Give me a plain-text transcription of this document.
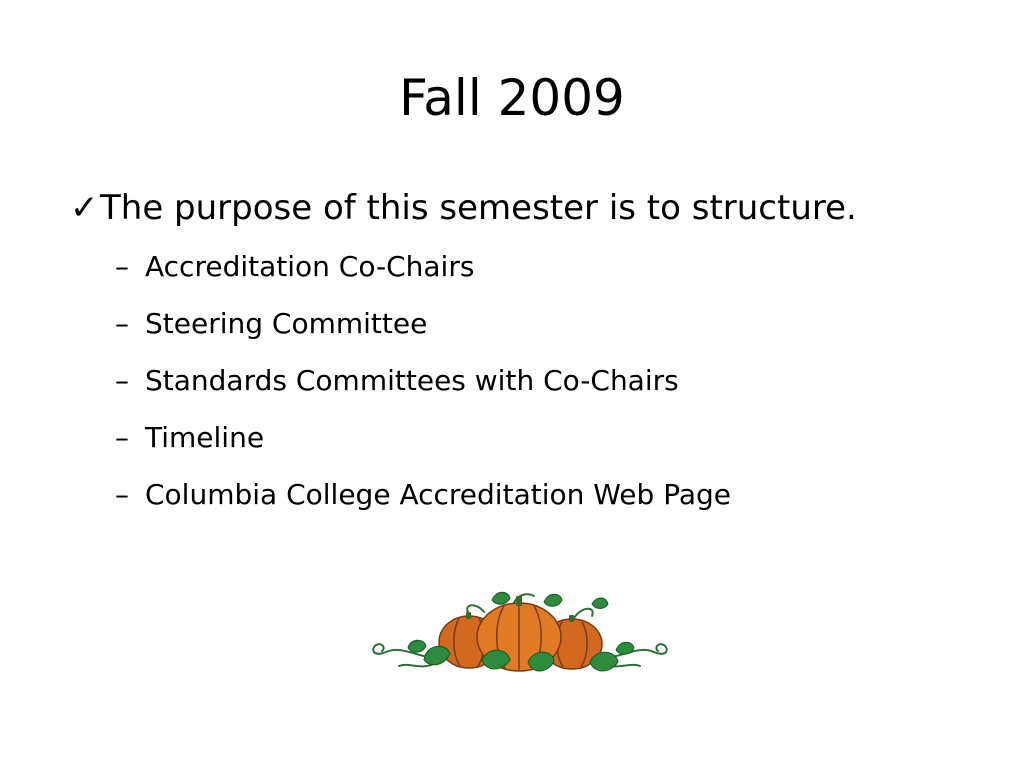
Fall 2009
✓The purpose of this semester is to structure.
– Accreditation Co-Chairs
– Steering Committee
– Standards Committees with Co-Chairs
– Timeline
– Columbia College Accreditation Web Page
